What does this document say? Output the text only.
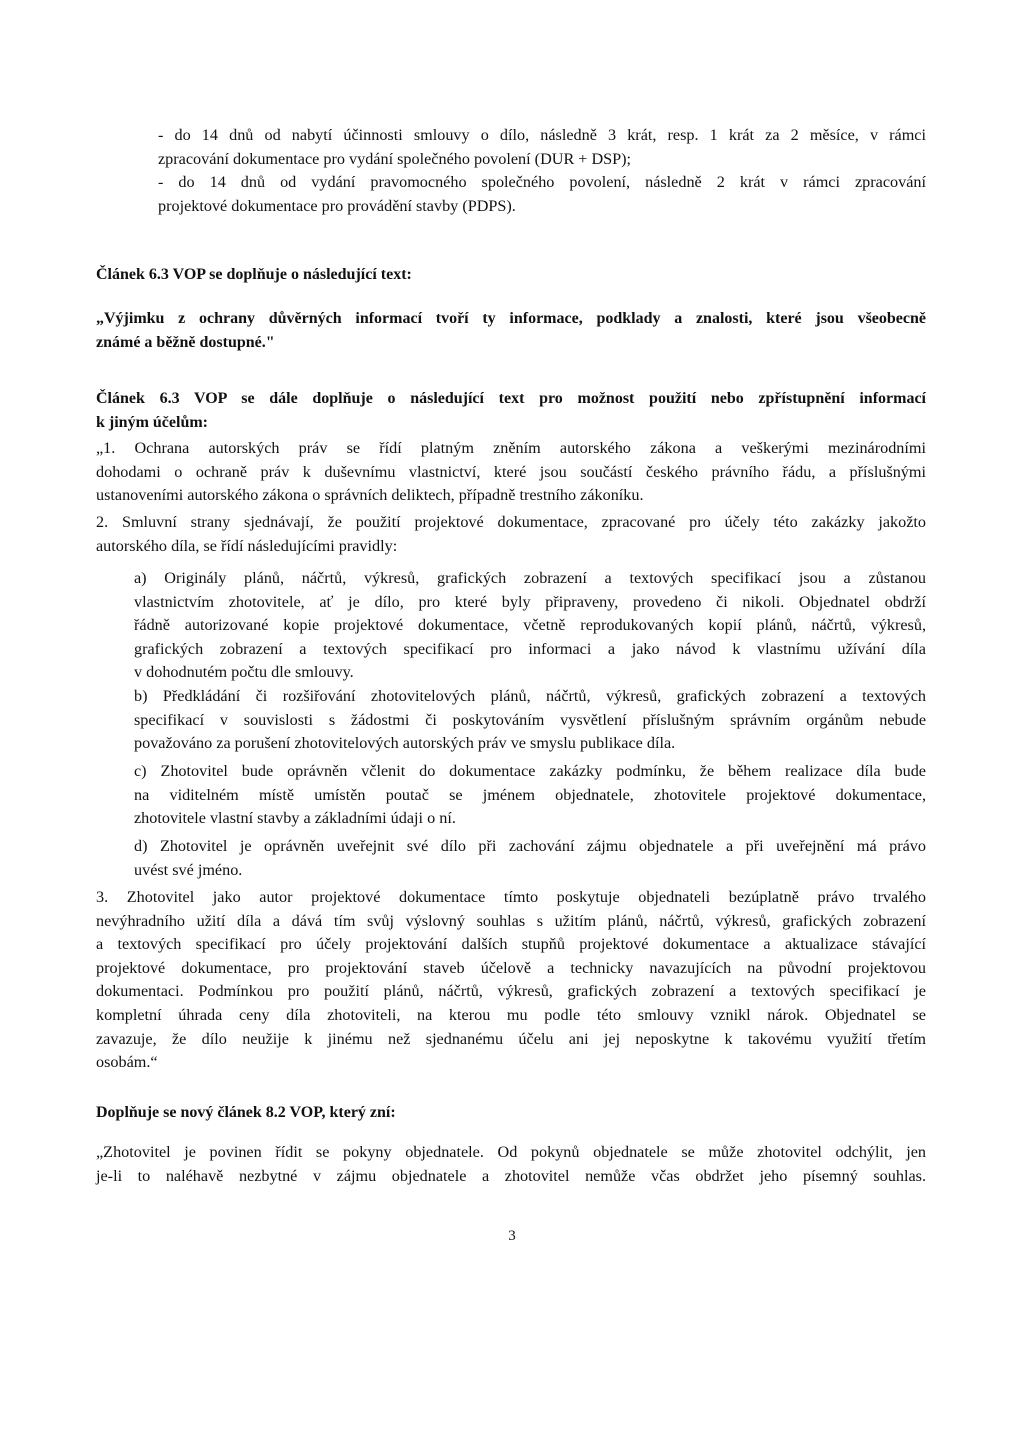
- do 14 dnů od nabytí účinnosti smlouvy o dílo, následně 3 krát, resp. 1 krát za 2 měsíce, v rámci
zpracování dokumentace pro vydání společného povolení (DUR + DSP);
- do 14 dnů od vydání pravomocného společného povolení, následně 2 krát v rámci zpracování
projektové dokumentace pro provádění stavby (PDPS).
Článek 6.3 VOP se doplňuje o následující text:
„Výjimku z ochrany důvěrných informací tvoří ty informace, podklady a znalosti, které jsou všeobecně
známé a běžně dostupné."
Článek 6.3 VOP se dále doplňuje o následující text pro možnost použití nebo zpřístupnění informací
k jiným účelům:
„1. Ochrana autorských práv se řídí platným zněním autorského zákona a veškerými mezinárodními
dohodami o ochraně práv k duševnímu vlastnictví, které jsou součástí českého právního řádu, a příslušnými
ustanoveními autorského zákona o správních deliktech, případně trestního zákoníku.
2. Smluvní strany sjednávají, že použití projektové dokumentace, zpracované pro účely této zakázky jakožto
autorského díla, se řídí následujícími pravidly:
a) Originály plánů, náčrtů, výkresů, grafických zobrazení a textových specifikací jsou a zůstanou
vlastnictvím zhotovitele, ať je dílo, pro které byly připraveny, provedeno či nikoli. Objednatel obdrží
řádně autorizované kopie projektové dokumentace, včetně reprodukovaných kopií plánů, náčrtů, výkresů,
grafických zobrazení a textových specifikací pro informaci a jako návod k vlastnímu užívání díla
v dohodnutém počtu dle smlouvy.
b) Předkládání či rozšiřování zhotovitelových plánů, náčrtů, výkresů, grafických zobrazení a textových
specifikací v souvislosti s žádostmi či poskytováním vysvětlení příslušným správním orgánům nebude
považováno za porušení zhotovitelových autorských práv ve smyslu publikace díla.
c) Zhotovitel bude oprávněn včlenit do dokumentace zakázky podmínku, že během realizace díla bude
na viditelném místě umístěn poutač se jménem objednatele, zhotovitele projektové dokumentace,
zhotovitele vlastní stavby a základními údaji o ní.
d) Zhotovitel je oprávněn uveřejnit své dílo při zachování zájmu objednatele a při uveřejnění má právo
uvést své jméno.
3. Zhotovitel jako autor projektové dokumentace tímto poskytuje objednateli bezúplatně právo trvalého
nevýhradního užití díla a dává tím svůj výslovný souhlas s užitím plánů, náčrtů, výkresů, grafických zobrazení
a textových specifikací pro účely projektování dalších stupňů projektové dokumentace a aktualizace stávající
projektové dokumentace, pro projektování staveb účelově a technicky navazujících na původní projektovou
dokumentaci. Podmínkou pro použití plánů, náčrtů, výkresů, grafických zobrazení a textových specifikací je
kompletní úhrada ceny díla zhotoviteli, na kterou mu podle této smlouvy vznikl nárok. Objednatel se
zavazuje, že dílo neužije k jinému než sjednanému účelu ani jej neposkytne k takovému využití třetím
osobám.“
Doplňuje se nový článek 8.2 VOP, který zní:
„Zhotovitel je povinen řídit se pokyny objednatele. Od pokynů objednatele se může zhotovitel odchýlit, jen
je-li to naléhavě nezbytné v zájmu objednatele a zhotovitel nemůže včas obdržet jeho písemný souhlas.
3
